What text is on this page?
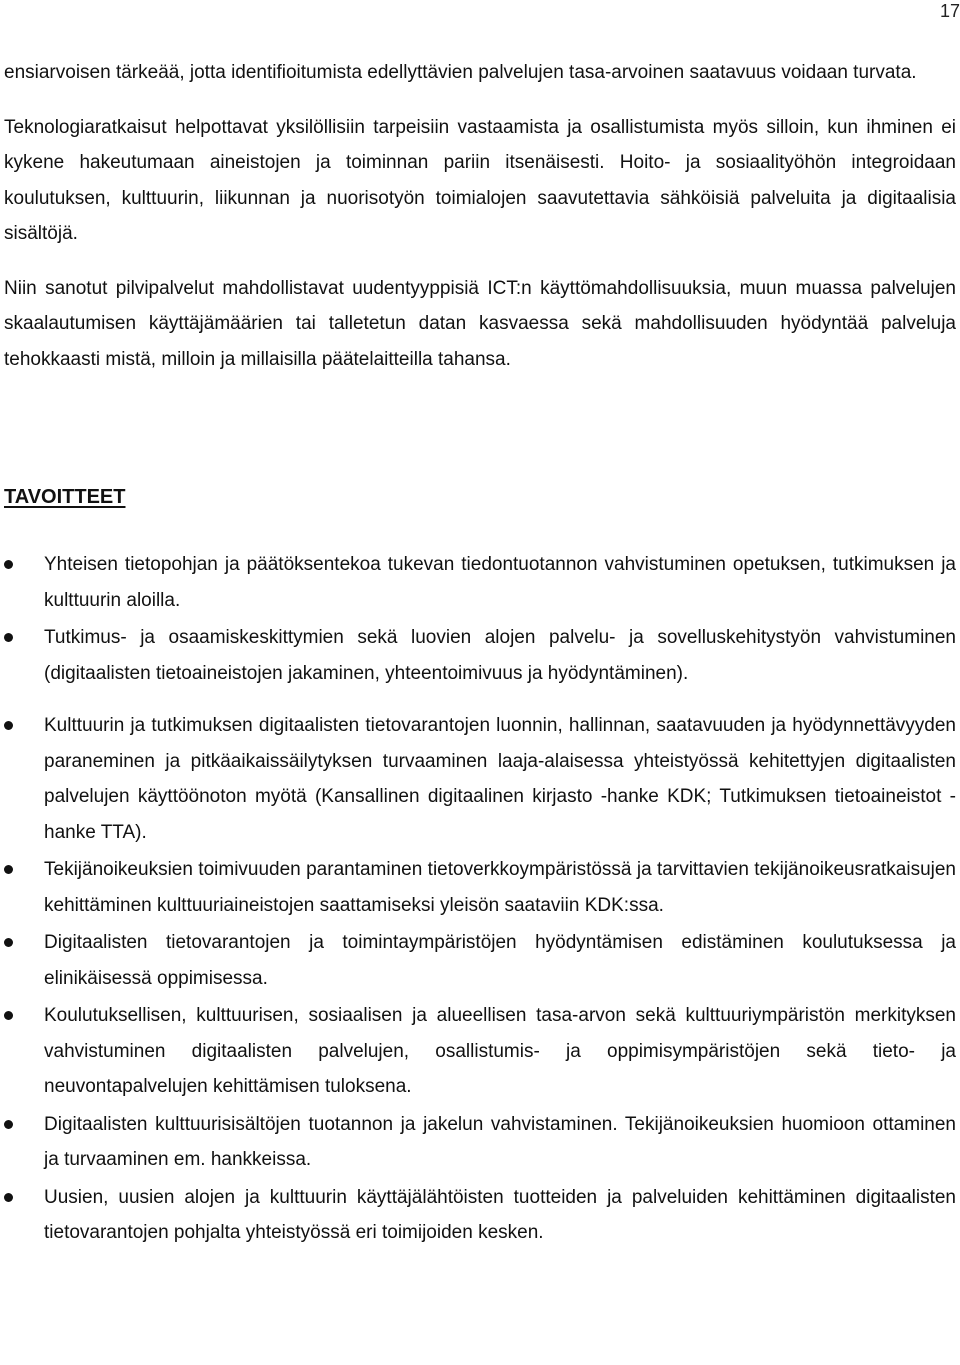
17

ensiarvoisen tärkeää, jotta identifioitumista edellyttävien palvelujen tasa-arvoinen saatavuus voidaan turvata.

Teknologiaratkaisut helpottavat yksilöllisiin tarpeisiin vastaamista ja osallistumista myös silloin, kun ihminen ei kykene hakeutumaan aineistojen ja toiminnan pariin itsenäisesti. Hoito- ja sosiaalityöhön integroidaan koulutuksen, kulttuurin, liikunnan ja nuorisotyön toimialojen saavutettavia sähköisiä palveluita ja digitaalisia sisältöjä.

Niin sanotut pilvipalvelut mahdollistavat uudentyyppisiä ICT:n käyttömahdollisuuksia, muun muassa palvelujen skaalautumisen käyttäjämäärien tai talletetun datan kasvaessa sekä mahdollisuuden hyödyntää palveluja tehokkaasti mistä, milloin ja millaisilla päätelaitteilla tahansa.

TAVOITTEET
Yhteisen tietopohjan ja päätöksentekoa tukevan tiedontuotannon vahvistuminen opetuksen, tutkimuksen ja kulttuurin aloilla.
Tutkimus- ja osaamiskeskittymien sekä luovien alojen palvelu- ja sovelluskehitystyön vahvistuminen (digitaalisten tietoaineistojen jakaminen, yhteentoimivuus ja hyödyntäminen).
Kulttuurin ja tutkimuksen digitaalisten tietovarantojen luonnin, hallinnan, saatavuuden ja hyödynnettävyyden paraneminen ja pitkäaikaissäilytyksen turvaaminen laaja-alaisessa yhteistyössä kehitettyjen digitaalisten palvelujen käyttöönoton myötä (Kansallinen digitaalinen kirjasto -hanke KDK; Tutkimuksen tietoaineistot -hanke TTA).
Tekijänoikeuksien toimivuuden parantaminen tietoverkkoympäristössä ja tarvittavien tekijänoikeusratkaisujen kehittäminen kulttuuriaineistojen saattamiseksi yleisön saataviin KDK:ssa.
Digitaalisten tietovarantojen ja toimintaympäristöjen hyödyntämisen edistäminen koulutuksessa ja elinikäisessä oppimisessa.
Koulutuksellisen, kulttuurisen, sosiaalisen ja alueellisen tasa-arvon sekä kulttuuriympäristön merkityksen vahvistuminen digitaalisten palvelujen, osallistumis- ja oppimisympäristöjen sekä tieto- ja neuvontapalvelujen kehittämisen tuloksena.
Digitaalisten kulttuurisisältöjen tuotannon ja jakelun vahvistaminen. Tekijänoikeuksien huomioon ottaminen ja turvaaminen em. hankkeissa.
Uusien, uusien alojen ja kulttuurin käyttäjälähtöisten tuotteiden ja palveluiden kehittäminen digitaalisten tietovarantojen pohjalta yhteistyössä eri toimijoiden kesken.
